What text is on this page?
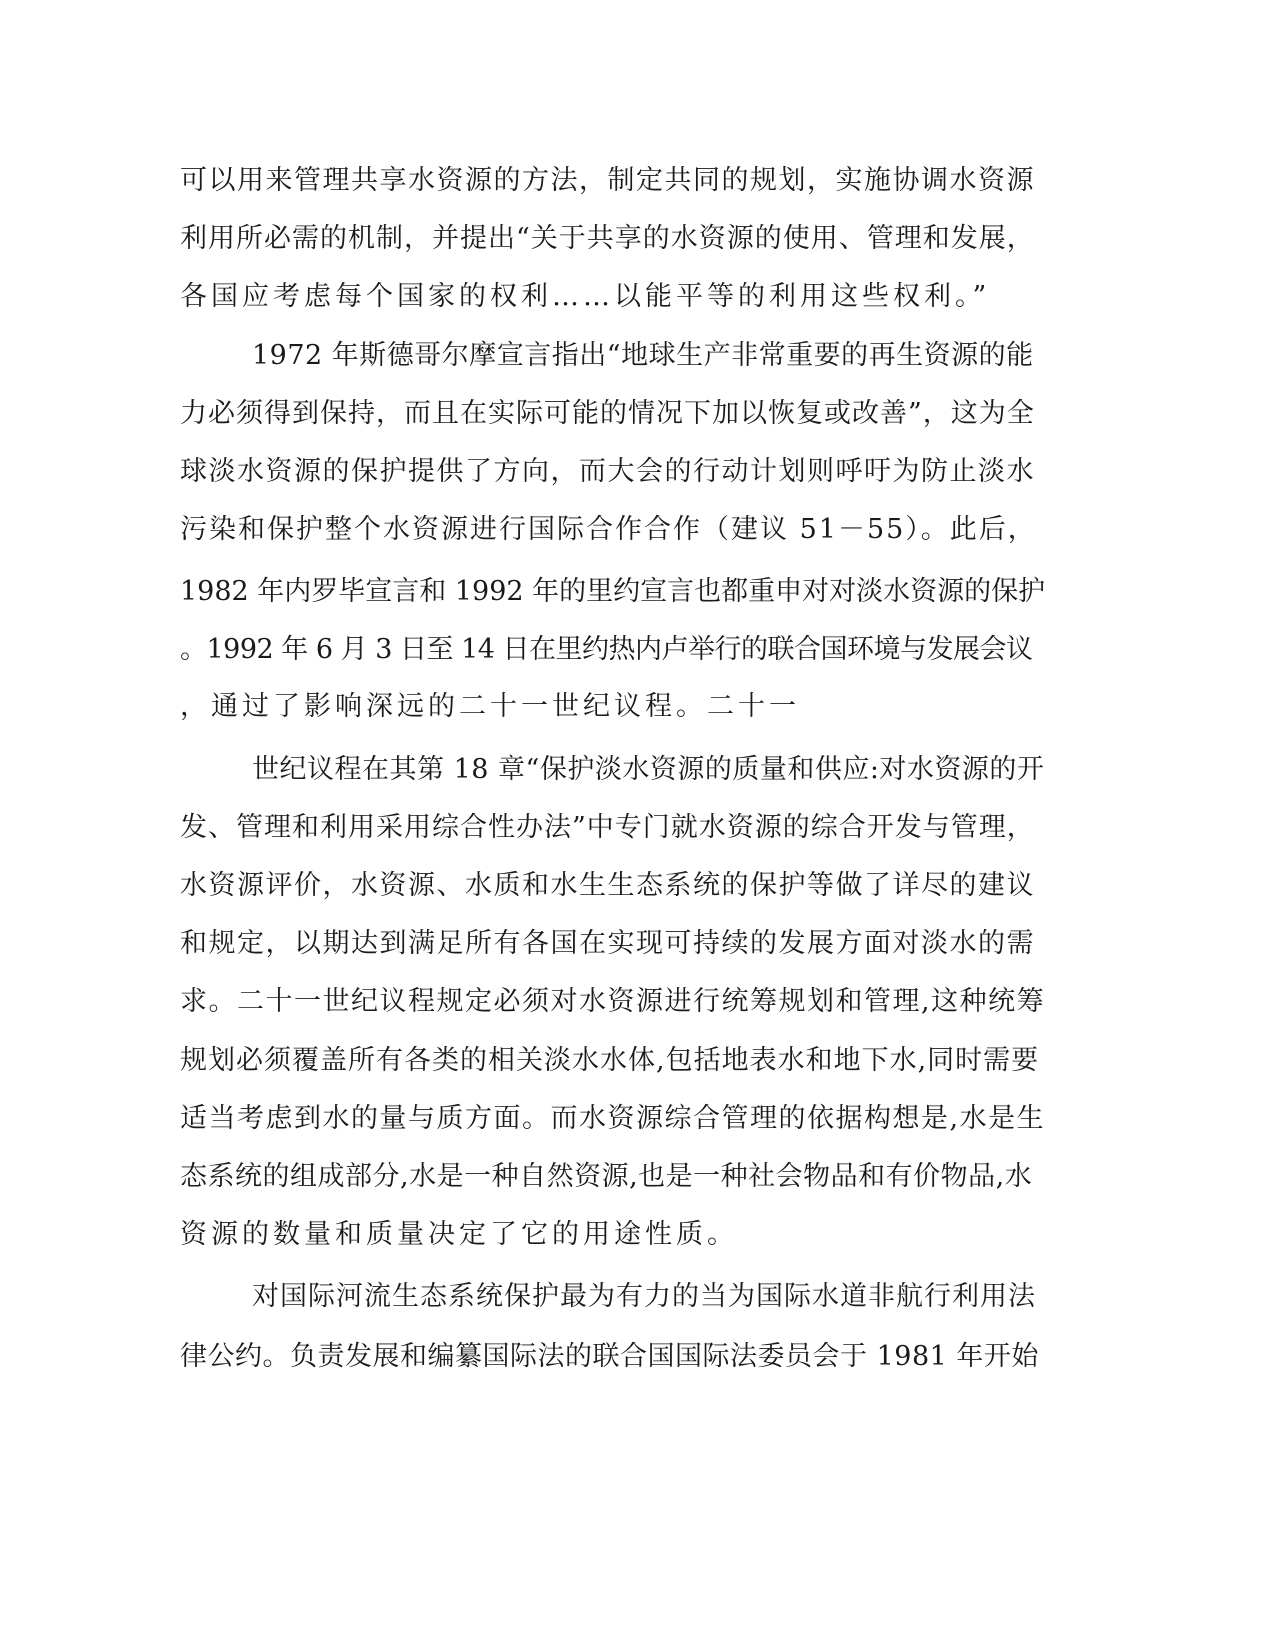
可以用来管理共享水资源的方法，制定共同的规划，实施协调水资源
利用所必需的机制，并提出“关于共享的水资源的使用、管理和发展，
各国应考虑每个国家的权利……以能平等的利用这些权利。”
1972 年斯德哥尔摩宣言指出“地球生产非常重要的再生资源的能
力必须得到保持，而且在实际可能的情况下加以恢复或改善”，这为全
球淡水资源的保护提供了方向，而大会的行动计划则呼吁为防止淡水
污染和保护整个水资源进行国际合作合作（建议 51－55）。此后，
1982 年内罗毕宣言和 1992 年的里约宣言也都重申对对淡水资源的保护
。1992 年 6 月 3 日至 14 日在里约热内卢举行的联合国环境与发展会议
，通过了影响深远的二十一世纪议程。二十一
世纪议程在其第 18 章“保护淡水资源的质量和供应:对水资源的开
发、管理和利用采用综合性办法”中专门就水资源的综合开发与管理，
水资源评价，水资源、水质和水生生态系统的保护等做了详尽的建议
和规定，以期达到满足所有各国在实现可持续的发展方面对淡水的需
求。二十一世纪议程规定必须对水资源进行统筹规划和管理,这种统筹
规划必须覆盖所有各类的相关淡水水体,包括地表水和地下水,同时需要
适当考虑到水的量与质方面。而水资源综合管理的依据构想是,水是生
态系统的组成部分,水是一种自然资源,也是一种社会物品和有价物品,水
资源的数量和质量决定了它的用途性质。
对国际河流生态系统保护最为有力的当为国际水道非航行利用法
律公约。负责发展和编纂国际法的联合国国际法委员会于 1981 年开始
